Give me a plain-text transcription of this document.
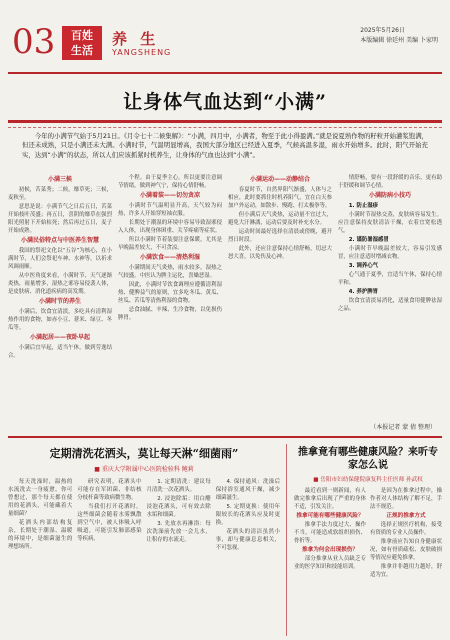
03	百姓
生活
养 生
YANGSHENG
2025年5月26日
本版编辑 徐廷州 美编 卜家明
让身体气血达到“小满”

今年的小满节气始于5月21日。《月令七十二候集解》：“小满，四月中，小满者，物至于此小得盈满。”就是说夏熟作物的籽粒开始灌浆饱满，但还未成熟，只是小满还未大满。小满时节，气温明显增高，我国大部分地区已经进入夏季，气候高温多湿，雨水开始增多。此时，阳气开始充实，达到“小满”的状态，所以人们应该抓紧时机养生，让身体的气血也达到“小满”。

小满三候

初候，苦菜秀；二候，靡草死；三候，麦秋至。

意思是说：小满节气之日后五日，苦菜开始枝叶茂盛；再五日，喜阴的靡草在强烈阳光照射下开始枯死；然后再过五日，麦子开始成熟。

小满民俗特点与中医养生智慧

我国的祭祀文化以“五谷”为核心，在小满时节，人们会祭祀车神、水神等，以祈求风调雨顺。

从中医角度来看，小满时节，天气逐渐炎热，雨量增多，湿热之邪容易侵袭人体，是皮肤病、消化道疾病的高发期。

小满时节的养生

小满后，饮食宜清淡，多吃具有清利湿热作用的食物，如赤小豆、薏米、绿豆、冬瓜等。

小满起居——夜卧早起

小满后宜早起，适当午休，做到劳逸结合。

个程。由于夏季主心，所以更要注意调节情绪，做到神气宁，保持心情舒畅。

小满着装——切勿贪凉

小满时节气温明显升高，天气较为闷热，许多人开始穿短袖衣服。

长期处于潮湿的环境中容易导致湿邪侵入人体，出现身体困重、关节疼痛等症状。

所以小满时节着装要注意保暖，尤其是早晚温差较大，不可贪凉。

小满饮食——清热利湿

小满期间天气炎热，雨水较多，湿热之气较盛。中医认为脾主运化，喜燥恶湿。

因此，小满时节饮食调理应遵循清利湿热、健脾益气的原则，宜多吃冬瓜、黄瓜、丝瓜、苦瓜等清热利湿的食物。

忌食油腻、辛辣、生冷食物，以免损伤脾胃。

小满运动——动静结合

春夏时节，自然界阳气渐盛，人体与之相应，此时要抓住时机养阳气，宜在白天参加户外运动，如散步、慢跑、打太极拳等。

但小满后天气炎热，运动量不宜过大，避免大汗淋漓，运动后要及时补充水分。

运动时间最好选择在清晨或傍晚，避开烈日时段。

此外，还应注意保持心情舒畅，切忌大怒大喜，以免伤及心神。

情舒畅，要有一段舒缓的音乐，更有助于舒缓和调节心情。

小满防病小技巧

1. 防止湿疹

小满时节湿热交蒸，皮肤病容易发生。应注意保持皮肤清洁干燥，衣着宜宽松透气。

2. 谨防暑湿感冒

小满时节早晚温差较大，容易引发感冒，应注意适时增减衣物。

3. 调养心气

心气通于夏季，宜适当午休，保持心情平和。

4. 养护脾胃

饮食宜清淡易消化，适量食用健脾祛湿之品。

（本报记者 蒙 倩 整理）
定期清洗花洒头，莫让每天淋“细菌雨”
■ 重庆大学附属中心医院检验科 鲍莉

每天洗澡时，温热的水流洗去一身疲惫，你可曾想过，那个每天都在使用的花洒头，可能藏着大量细菌？

花洒头内部结构复杂，长期处于潮湿、温暖的环境中，是细菌滋生的理想场所。

研究表明，花洒头中可能存在军团菌、非结核分枝杆菌等致病微生物。

当我们打开花洒时，这些细菌会随着水雾飘散到空气中，被人体吸入呼吸道，可能引发肺部感染等疾病。

1. 定期清洗：建议每月清洗一次花洒头。

2. 浸泡除垢：用白醋浸泡花洒头，可有效去除水垢和细菌。

3. 先放水再淋浴：每次洗澡前先放一会儿水，让积存的水流走。

4. 保持通风：洗澡后保持浴室通风干燥，减少细菌滋生。

5. 定期更换：使用年限较长的花洒头应及时更换。

花洒头的清洁虽然小事，却与健康息息相关，不可忽视。

推拿竟有哪些健康风险？来听专家怎么说
■ 岳阳市妇幼保健院康复科主任医师 孙武权

最近看到一则新闻，有人做完推拿后出现了严重的身体不适，引发关注。

推拿可能有哪些健康风险？

推拿手法力度过大、操作不当，可能造成软组织损伤、骨折等。

推拿为何会出现损伤？

部分推拿从业人员缺乏专业的医学知识和技能培训。

是因为在推拿过程中，操作者对人体结构了解不足，手法不规范。

正规的推拿方式

选择正规医疗机构，接受有资质的专业人员操作。

推拿前应告知自身健康状况，如有骨质疏松、皮肤破损等情况应避免推拿。

推拿并非越用力越好，舒适为宜。
